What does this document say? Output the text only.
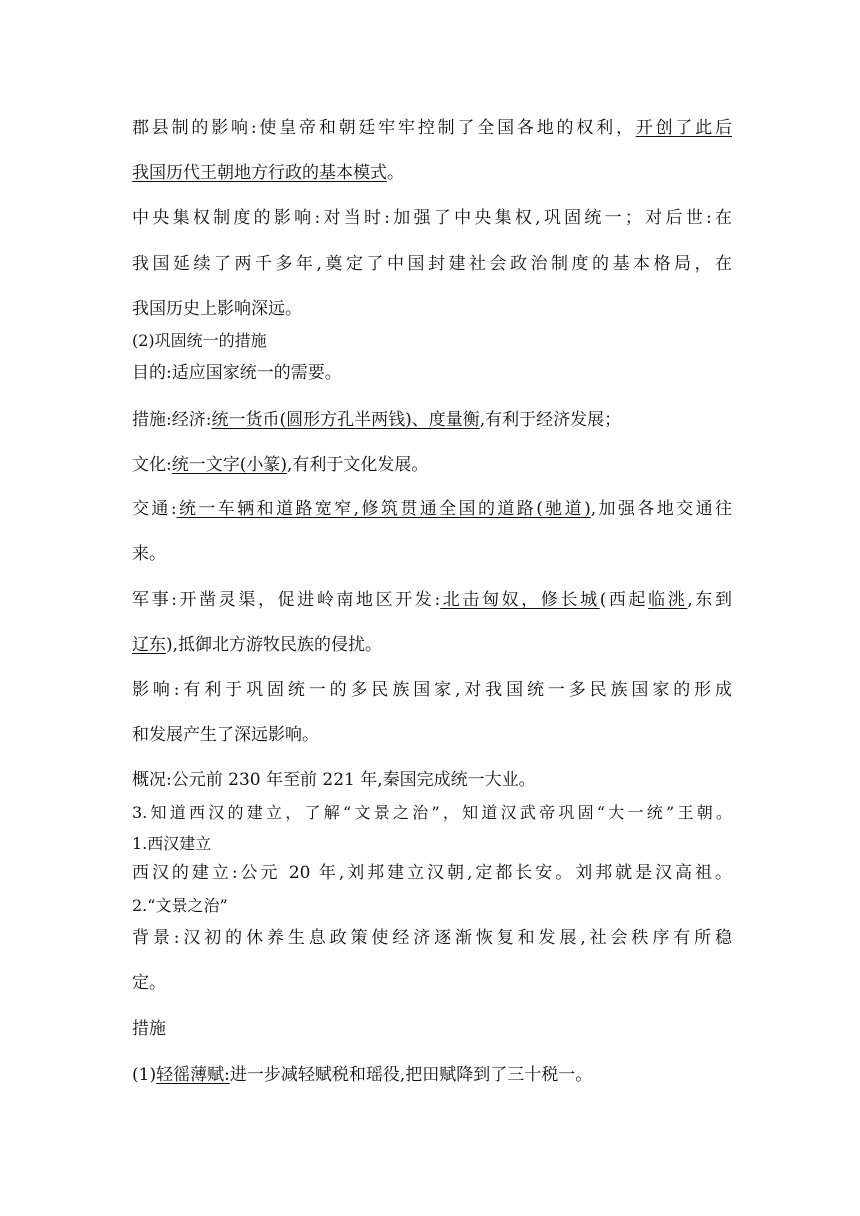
郡县制的影响:使皇帝和朝廷牢牢控制了全国各地的权利，开创了此后
我国历代王朝地方行政的基本模式。
中央集权制度的影响:对当时:加强了中央集权,巩固统一；对后世:在
我国延续了两千多年,奠定了中国封建社会政治制度的基本格局，在
我国历史上影响深远。
(2)巩固统一的措施
目的:适应国家统一的需要。
措施:经济:统一货币(圆形方孔半两钱)、度量衡,有利于经济发展；
文化:统一文字(小篆),有利于文化发展。
交通:统一车辆和道路宽窄,修筑贯通全国的道路(驰道),加强各地交通往
来。
军事:开凿灵渠，促进岭南地区开发:北击匈奴，修长城(西起临洮,东到
辽东),抵御北方游牧民族的侵扰。
影响:有利于巩固统一的多民族国家,对我国统一多民族国家的形成
和发展产生了深远影响。
概况:公元前 230 年至前 221 年,秦国完成统一大业。
3.知道西汉的建立，了解“文景之治”，知道汉武帝巩固“大一统”王朝。
1.西汉建立
西汉的建立:公元 20 年,刘邦建立汉朝,定都长安。刘邦就是汉高祖。
2.“文景之治”
背景:汉初的休养生息政策使经济逐渐恢复和发展,社会秩序有所稳
定。
措施
(1)轻徭薄赋:进一步减轻赋税和瑶役,把田赋降到了三十税一。
